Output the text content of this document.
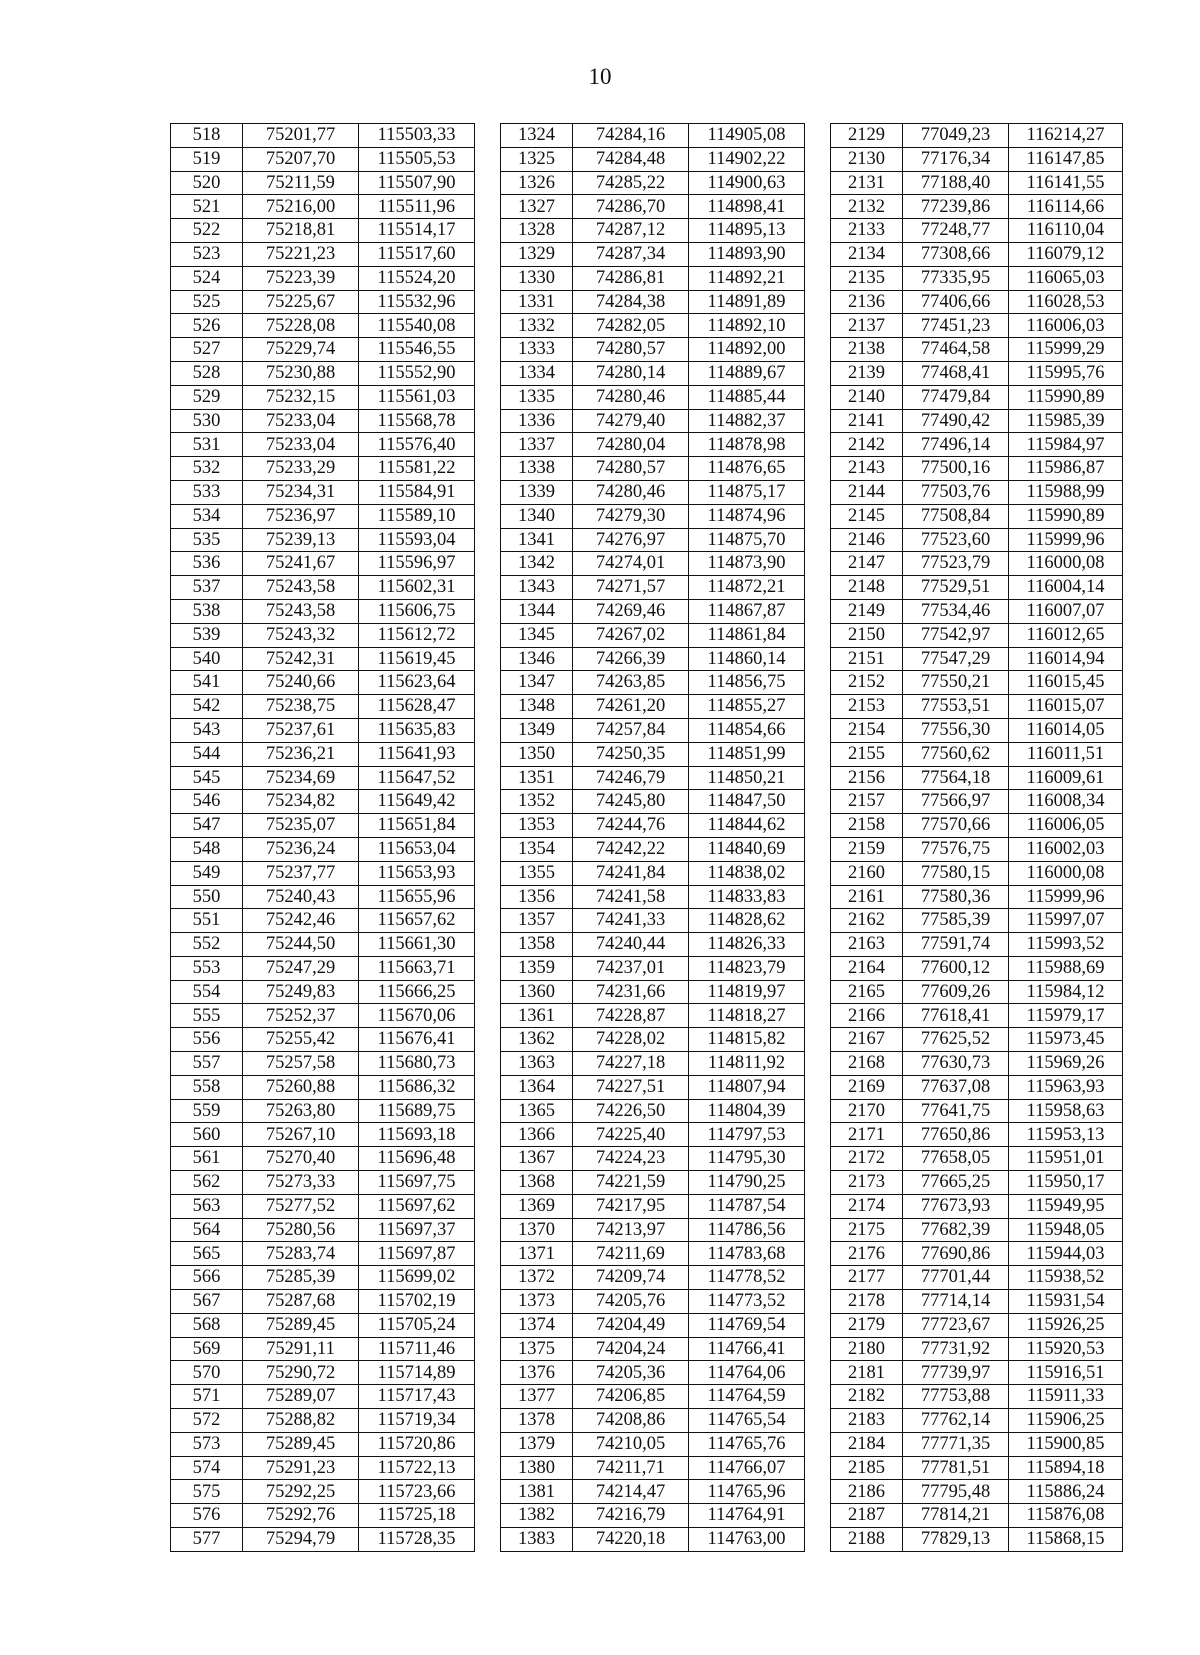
10
518	75201,77	115503,33		1324	74284,16	114905,08		2129	77049,23	116214,27
519	75207,70	115505,53		1325	74284,48	114902,22		2130	77176,34	116147,85
520	75211,59	115507,90		1326	74285,22	114900,63		2131	77188,40	116141,55
521	75216,00	115511,96		1327	74286,70	114898,41		2132	77239,86	116114,66
522	75218,81	115514,17		1328	74287,12	114895,13		2133	77248,77	116110,04
523	75221,23	115517,60		1329	74287,34	114893,90		2134	77308,66	116079,12
524	75223,39	115524,20		1330	74286,81	114892,21		2135	77335,95	116065,03
525	75225,67	115532,96		1331	74284,38	114891,89		2136	77406,66	116028,53
526	75228,08	115540,08		1332	74282,05	114892,10		2137	77451,23	116006,03
527	75229,74	115546,55		1333	74280,57	114892,00		2138	77464,58	115999,29
528	75230,88	115552,90		1334	74280,14	114889,67		2139	77468,41	115995,76
529	75232,15	115561,03		1335	74280,46	114885,44		2140	77479,84	115990,89
530	75233,04	115568,78		1336	74279,40	114882,37		2141	77490,42	115985,39
531	75233,04	115576,40		1337	74280,04	114878,98		2142	77496,14	115984,97
532	75233,29	115581,22		1338	74280,57	114876,65		2143	77500,16	115986,87
533	75234,31	115584,91		1339	74280,46	114875,17		2144	77503,76	115988,99
534	75236,97	115589,10		1340	74279,30	114874,96		2145	77508,84	115990,89
535	75239,13	115593,04		1341	74276,97	114875,70		2146	77523,60	115999,96
536	75241,67	115596,97		1342	74274,01	114873,90		2147	77523,79	116000,08
537	75243,58	115602,31		1343	74271,57	114872,21		2148	77529,51	116004,14
538	75243,58	115606,75		1344	74269,46	114867,87		2149	77534,46	116007,07
539	75243,32	115612,72		1345	74267,02	114861,84		2150	77542,97	116012,65
540	75242,31	115619,45		1346	74266,39	114860,14		2151	77547,29	116014,94
541	75240,66	115623,64		1347	74263,85	114856,75		2152	77550,21	116015,45
542	75238,75	115628,47		1348	74261,20	114855,27		2153	77553,51	116015,07
543	75237,61	115635,83		1349	74257,84	114854,66		2154	77556,30	116014,05
544	75236,21	115641,93		1350	74250,35	114851,99		2155	77560,62	116011,51
545	75234,69	115647,52		1351	74246,79	114850,21		2156	77564,18	116009,61
546	75234,82	115649,42		1352	74245,80	114847,50		2157	77566,97	116008,34
547	75235,07	115651,84		1353	74244,76	114844,62		2158	77570,66	116006,05
548	75236,24	115653,04		1354	74242,22	114840,69		2159	77576,75	116002,03
549	75237,77	115653,93		1355	74241,84	114838,02		2160	77580,15	116000,08
550	75240,43	115655,96		1356	74241,58	114833,83		2161	77580,36	115999,96
551	75242,46	115657,62		1357	74241,33	114828,62		2162	77585,39	115997,07
552	75244,50	115661,30		1358	74240,44	114826,33		2163	77591,74	115993,52
553	75247,29	115663,71		1359	74237,01	114823,79		2164	77600,12	115988,69
554	75249,83	115666,25		1360	74231,66	114819,97		2165	77609,26	115984,12
555	75252,37	115670,06		1361	74228,87	114818,27		2166	77618,41	115979,17
556	75255,42	115676,41		1362	74228,02	114815,82		2167	77625,52	115973,45
557	75257,58	115680,73		1363	74227,18	114811,92		2168	77630,73	115969,26
558	75260,88	115686,32		1364	74227,51	114807,94		2169	77637,08	115963,93
559	75263,80	115689,75		1365	74226,50	114804,39		2170	77641,75	115958,63
560	75267,10	115693,18		1366	74225,40	114797,53		2171	77650,86	115953,13
561	75270,40	115696,48		1367	74224,23	114795,30		2172	77658,05	115951,01
562	75273,33	115697,75		1368	74221,59	114790,25		2173	77665,25	115950,17
563	75277,52	115697,62		1369	74217,95	114787,54		2174	77673,93	115949,95
564	75280,56	115697,37		1370	74213,97	114786,56		2175	77682,39	115948,05
565	75283,74	115697,87		1371	74211,69	114783,68		2176	77690,86	115944,03
566	75285,39	115699,02		1372	74209,74	114778,52		2177	77701,44	115938,52
567	75287,68	115702,19		1373	74205,76	114773,52		2178	77714,14	115931,54
568	75289,45	115705,24		1374	74204,49	114769,54		2179	77723,67	115926,25
569	75291,11	115711,46		1375	74204,24	114766,41		2180	77731,92	115920,53
570	75290,72	115714,89		1376	74205,36	114764,06		2181	77739,97	115916,51
571	75289,07	115717,43		1377	74206,85	114764,59		2182	77753,88	115911,33
572	75288,82	115719,34		1378	74208,86	114765,54		2183	77762,14	115906,25
573	75289,45	115720,86		1379	74210,05	114765,76		2184	77771,35	115900,85
574	75291,23	115722,13		1380	74211,71	114766,07		2185	77781,51	115894,18
575	75292,25	115723,66		1381	74214,47	114765,96		2186	77795,48	115886,24
576	75292,76	115725,18		1382	74216,79	114764,91		2187	77814,21	115876,08
577	75294,79	115728,35		1383	74220,18	114763,00		2188	77829,13	115868,15
